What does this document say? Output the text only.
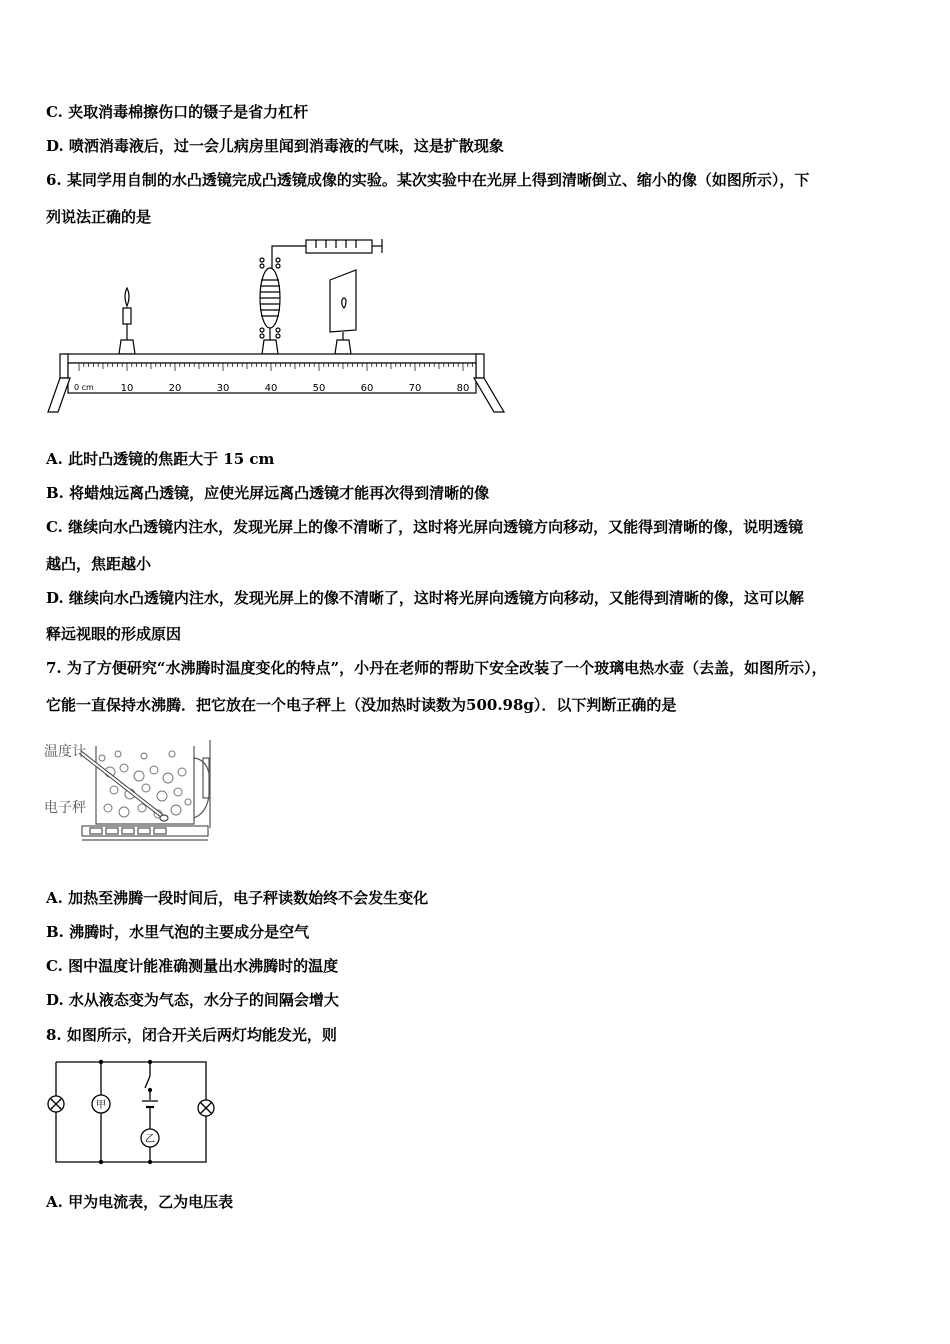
C. 夹取消毒棉擦伤口的镊子是省力杠杆
D. 喷洒消毒液后，过一会儿病房里闻到消毒液的气味，这是扩散现象
6. 某同学用自制的水凸透镜完成凸透镜成像的实验。某次实验中在光屏上得到清晰倒立、缩小的像（如图所示），下
列说法正确的是
0 cm	10	20	30	40	50	60	70	80
A. 此时凸透镜的焦距大于 15 cm
B. 将蜡烛远离凸透镜，应使光屏远离凸透镜才能再次得到清晰的像
C. 继续向水凸透镜内注水，发现光屏上的像不清晰了，这时将光屏向透镜方向移动，又能得到清晰的像，说明透镜
越凸，焦距越小
D. 继续向水凸透镜内注水，发现光屏上的像不清晰了，这时将光屏向透镜方向移动，又能得到清晰的像，这可以解
释远视眼的形成原因
7. 为了方便研究“水沸腾时温度变化的特点”，小丹在老师的帮助下安全改装了一个玻璃电热水壶（去盖，如图所示），
它能一直保持水沸腾．把它放在一个电子秤上（没加热时读数为500.98g）．以下判断正确的是
温度计
电子秤
A. 加热至沸腾一段时间后，电子秤读数始终不会发生变化
B. 沸腾时，水里气泡的主要成分是空气
C. 图中温度计能准确测量出水沸腾时的温度
D. 水从液态变为气态，水分子的间隔会增大
8. 如图所示，闭合开关后两灯均能发光，则
甲
乙
A. 甲为电流表，乙为电压表
